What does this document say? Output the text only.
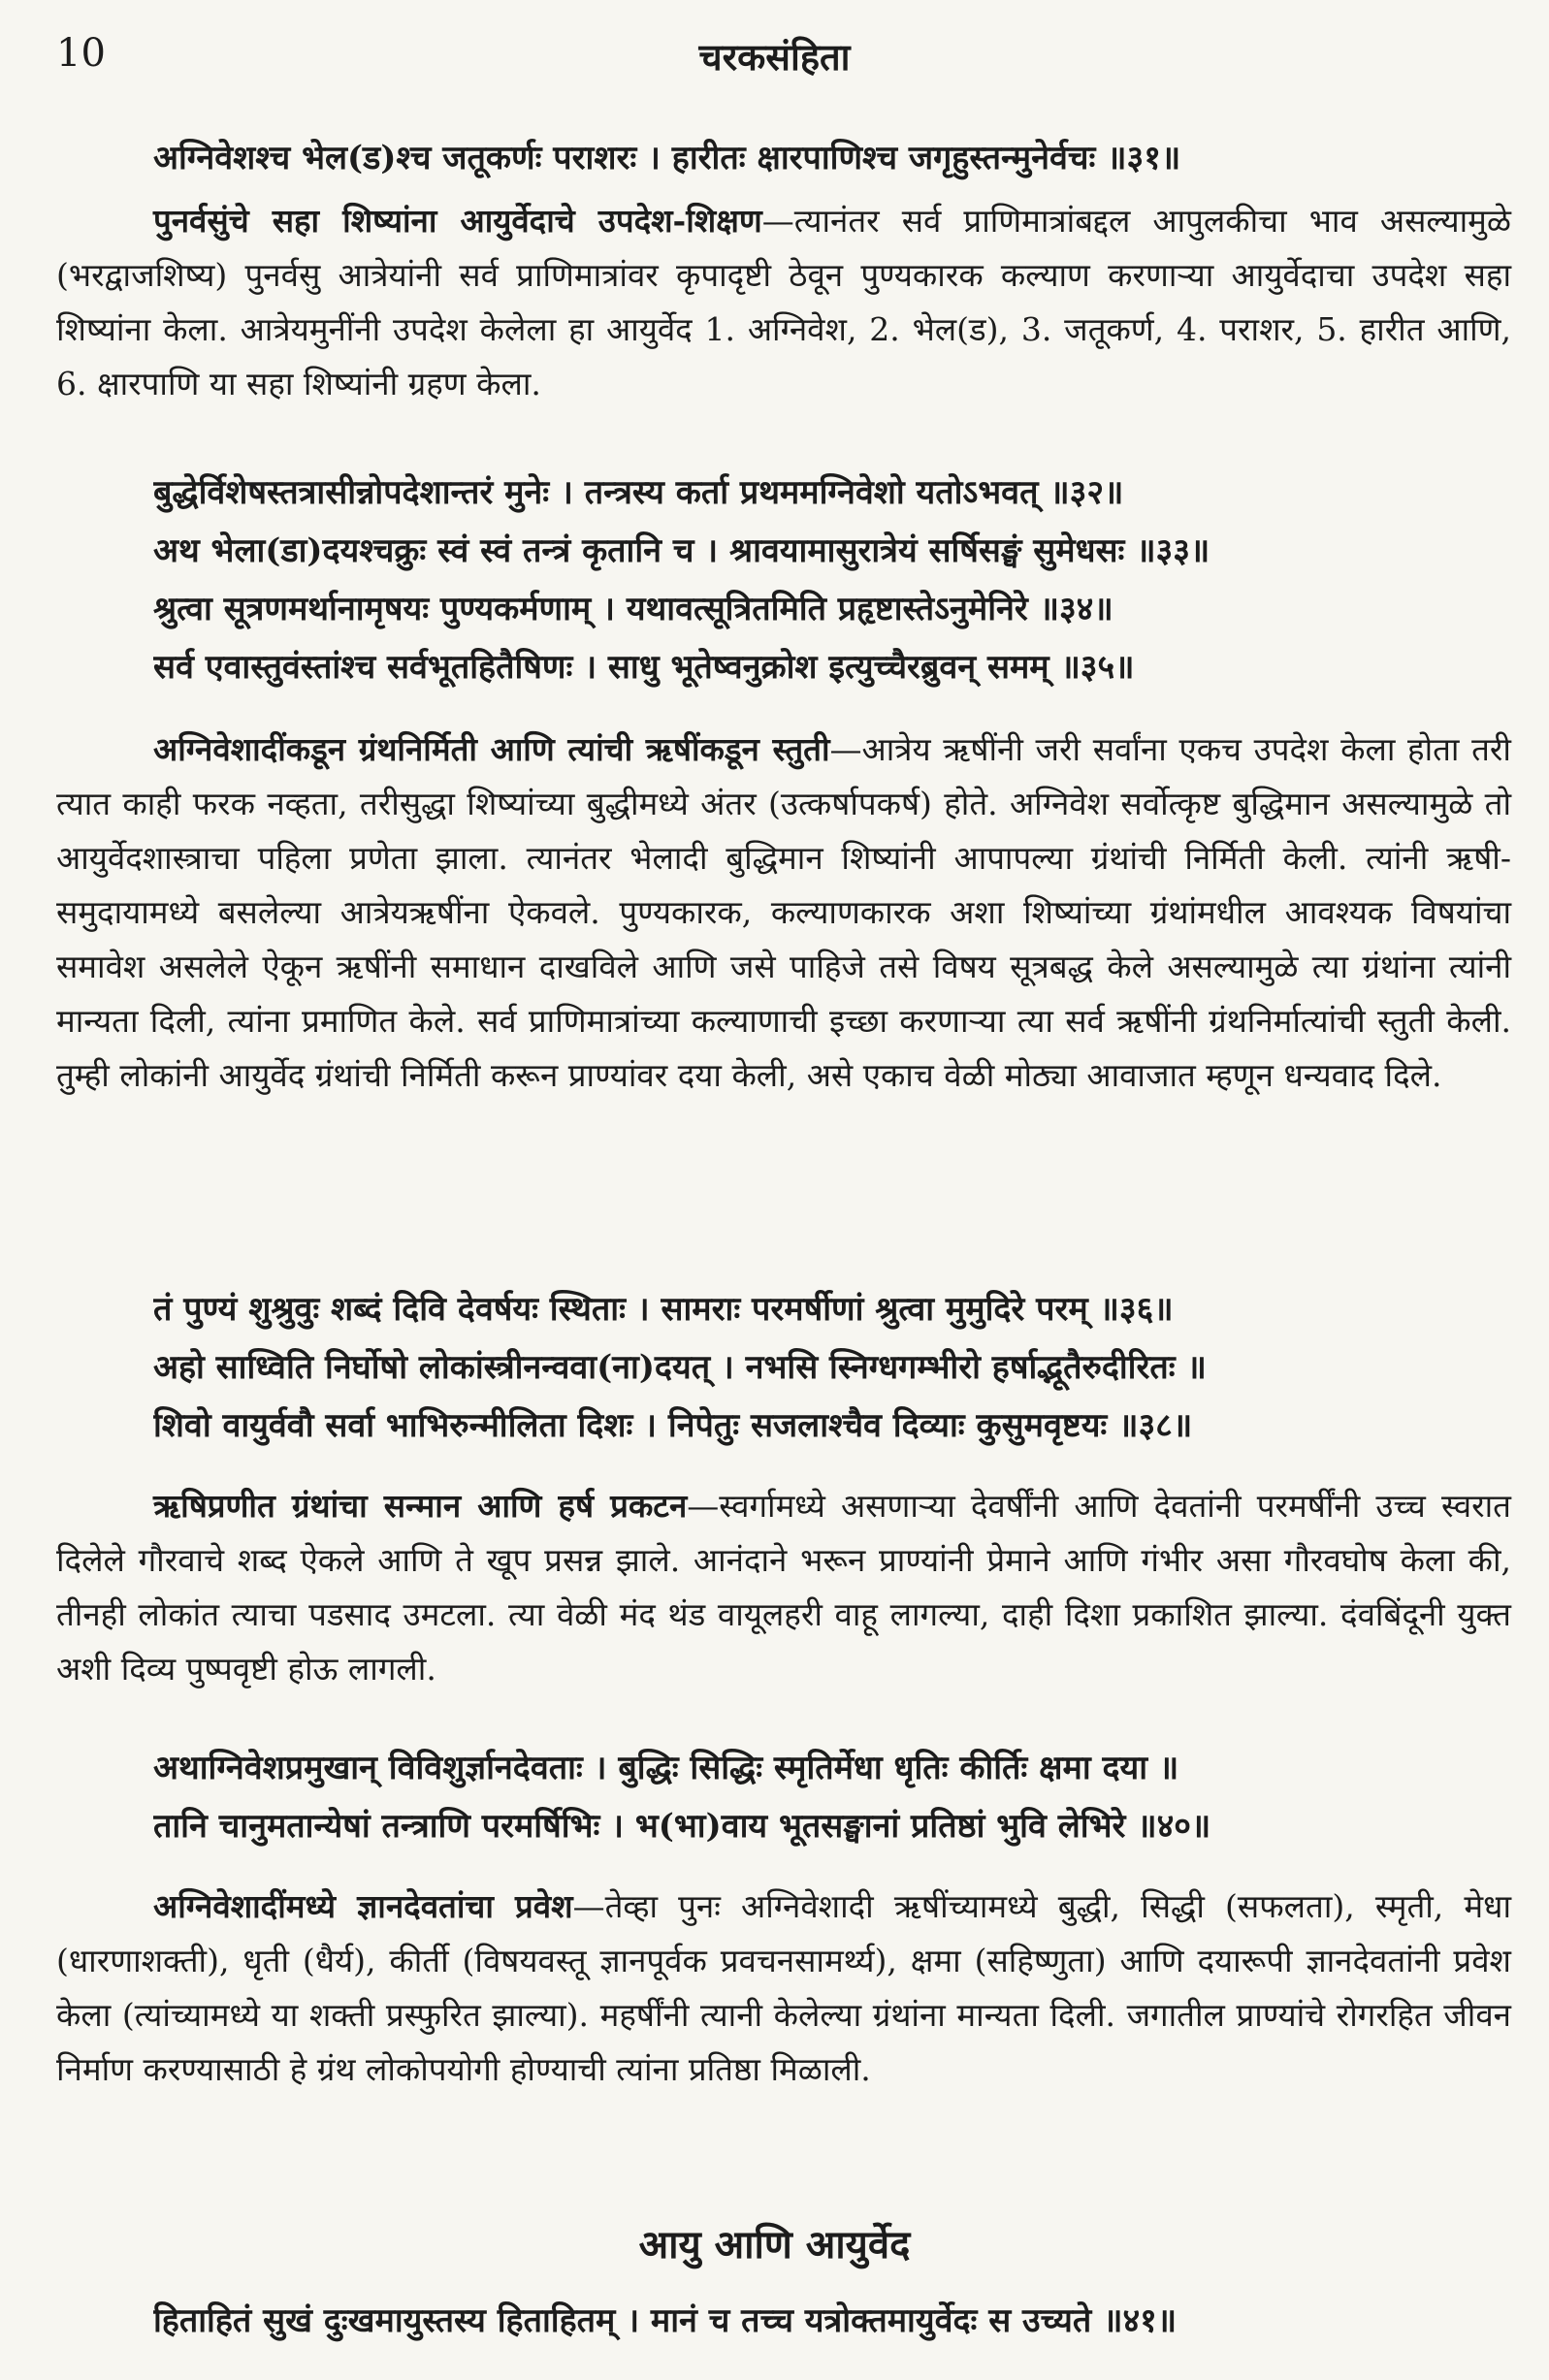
10	चरकसंहिता
अग्निवेशश्च भेल(ड)श्च जतूकर्णः पराशरः । हारीतः क्षारपाणिश्च जगृहुस्तन्मुनेर्वचः ॥३१॥

पुनर्वसुंचे सहा शिष्यांना आयुर्वेदाचे उपदेश-शिक्षण—त्यानंतर सर्व प्राणिमात्रांबद्दल आपुलकीचा भाव असल्यामुळे (भरद्वाजशिष्य) पुनर्वसु आत्रेयांनी सर्व प्राणिमात्रांवर कृपादृष्टी ठेवून पुण्यकारक कल्याण करणाऱ्या आयुर्वेदाचा उपदेश सहा शिष्यांना केला. आत्रेयमुनींनी उपदेश केलेला हा आयुर्वेद 1. अग्निवेश, 2. भेल(ड), 3. जतूकर्ण, 4. पराशर, 5. हारीत आणि, 6. क्षारपाणि या सहा शिष्यांनी ग्रहण केला.

बुद्धेर्विशेषस्तत्रासीन्नोपदेशान्तरं मुनेः । तन्त्रस्य कर्ता प्रथममग्निवेशो यतोऽभवत् ॥३२॥
अथ भेला(डा)दयश्चक्रुः स्वं स्वं तन्त्रं कृतानि च । श्रावयामासुरात्रेयं सर्षिसङ्घं सुमेधसः ॥३३॥
श्रुत्वा सूत्रणमर्थानामृषयः पुण्यकर्मणाम् । यथावत्सूत्रितमिति प्रहृष्टास्तेऽनुमेनिरे ॥३४॥
सर्व एवास्तुवंस्तांश्च सर्वभूतहितैषिणः । साधु भूतेष्वनुक्रोश इत्युच्चैरब्रुवन् समम् ॥३५॥

अग्निवेशादींकडून ग्रंथनिर्मिती आणि त्यांची ऋषींकडून स्तुती—आत्रेय ऋषींनी जरी सर्वांना एकच उपदेश केला होता तरी त्यात काही फरक नव्हता, तरीसुद्धा शिष्यांच्या बुद्धीमध्ये अंतर (उत्कर्षापकर्ष) होते. अग्निवेश सर्वोत्कृष्ट बुद्धिमान असल्यामुळे तो आयुर्वेदशास्त्राचा पहिला प्रणेता झाला. त्यानंतर भेलादी बुद्धिमान शिष्यांनी आपापल्या ग्रंथांची निर्मिती केली. त्यांनी ऋषी-समुदायामध्ये बसलेल्या आत्रेयऋषींना ऐकवले. पुण्यकारक, कल्याणकारक अशा शिष्यांच्या ग्रंथांमधील आवश्यक विषयांचा समावेश असलेले ऐकून ऋषींनी समाधान दाखविले आणि जसे पाहिजे तसे विषय सूत्रबद्ध केले असल्यामुळे त्या ग्रंथांना त्यांनी मान्यता दिली, त्यांना प्रमाणित केले. सर्व प्राणिमात्रांच्या कल्याणाची इच्छा करणाऱ्या त्या सर्व ऋषींनी ग्रंथनिर्मात्यांची स्तुती केली. तुम्ही लोकांनी आयुर्वेद ग्रंथांची निर्मिती करून प्राण्यांवर दया केली, असे एकाच वेळी मोठ्या आवाजात म्हणून धन्यवाद दिले.

तं पुण्यं शुश्रुवुः शब्दं दिवि देवर्षयः स्थिताः । सामराः परमर्षीणां श्रुत्वा मुमुदिरे परम् ॥३६॥
अहो साध्विति निर्घोषो लोकांस्त्रीनन्ववा(ना)दयत् । नभसि स्निग्धगम्भीरो हर्षाद्भूतैरुदीरितः ॥
शिवो वायुर्ववौ सर्वा भाभिरुन्मीलिता दिशः । निपेतुः सजलाश्चैव दिव्याः कुसुमवृष्टयः ॥३८॥

ऋषिप्रणीत ग्रंथांचा सन्मान आणि हर्ष प्रकटन—स्वर्गामध्ये असणाऱ्या देवर्षींनी आणि देवतांनी परमर्षींनी उच्च स्वरात दिलेले गौरवाचे शब्द ऐकले आणि ते खूप प्रसन्न झाले. आनंदाने भरून प्राण्यांनी प्रेमाने आणि गंभीर असा गौरवघोष केला की, तीनही लोकांत त्याचा पडसाद उमटला. त्या वेळी मंद थंड वायूलहरी वाहू लागल्या, दाही दिशा प्रकाशित झाल्या. दंवबिंदूनी युक्त अशी दिव्य पुष्पवृष्टी होऊ लागली.

अथाग्निवेशप्रमुखान् विविशुर्ज्ञानदेवताः । बुद्धिः सिद्धिः स्मृतिर्मेधा धृतिः कीर्तिः क्षमा दया ॥
तानि चानुमतान्येषां तन्त्राणि परमर्षिभिः । भ(भा)वाय भूतसङ्घानां प्रतिष्ठां भुवि लेभिरे ॥४०॥

अग्निवेशादींमध्ये ज्ञानदेवतांचा प्रवेश—तेव्हा पुनः अग्निवेशादी ऋषींच्यामध्ये बुद्धी, सिद्धी (सफलता), स्मृती, मेधा (धारणाशक्ती), धृती (धैर्य), कीर्ती (विषयवस्तू ज्ञानपूर्वक प्रवचनसामर्थ्य), क्षमा (सहिष्णुता) आणि दयारूपी ज्ञानदेवतांनी प्रवेश केला (त्यांच्यामध्ये या शक्ती प्रस्फुरित झाल्या). महर्षींनी त्यानी केलेल्या ग्रंथांना मान्यता दिली. जगातील प्राण्यांचे रोगरहित जीवन निर्माण करण्यासाठी हे ग्रंथ लोकोपयोगी होण्याची त्यांना प्रतिष्ठा मिळाली.

आयु आणि आयुर्वेद
हिताहितं सुखं दुःखमायुस्तस्य हिताहितम् । मानं च तच्च यत्रोक्तमायुर्वेदः स उच्यते ॥४१॥
